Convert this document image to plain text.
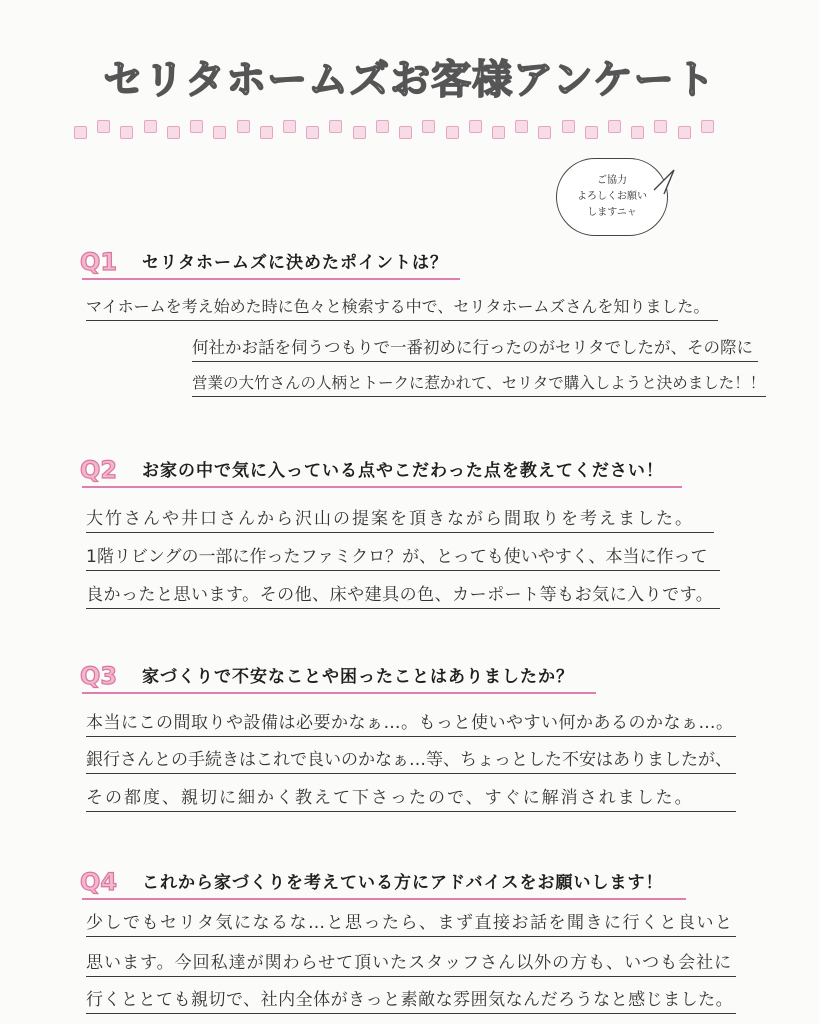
セリタホームズお客様アンケート
ご協力
よろしくお願い
しますニャ
Q1	セリタホームズに決めたポイントは？
マイホームを考え始めた時に色々と検索する中で、セリタホームズさんを知りました。
何社かお話を伺うつもりで一番初めに行ったのがセリタでしたが、その際に
営業の大竹さんの人柄とトークに惹かれて、セリタで購入しようと決めました！！
Q2	お家の中で気に入っている点やこだわった点を教えてください！
大竹さんや井口さんから沢山の提案を頂きながら間取りを考えました。
1階リビングの一部に作ったファミクロ？が、とっても使いやすく、本当に作って
良かったと思います。その他、床や建具の色、カーポート等もお気に入りです。
Q3	家づくりで不安なことや困ったことはありましたか？
本当にこの間取りや設備は必要かなぁ…。もっと使いやすい何かあるのかなぁ…。
銀行さんとの手続きはこれで良いのかなぁ…等、ちょっとした不安はありましたが、
その都度、親切に細かく教えて下さったので、すぐに解消されました。
Q4	これから家づくりを考えている方にアドバイスをお願いします！
少しでもセリタ気になるな…と思ったら、まず直接お話を聞きに行くと良いと
思います。今回私達が関わらせて頂いたスタッフさん以外の方も、いつも会社に
行くととても親切で、社内全体がきっと素敵な雰囲気なんだろうなと感じました。
